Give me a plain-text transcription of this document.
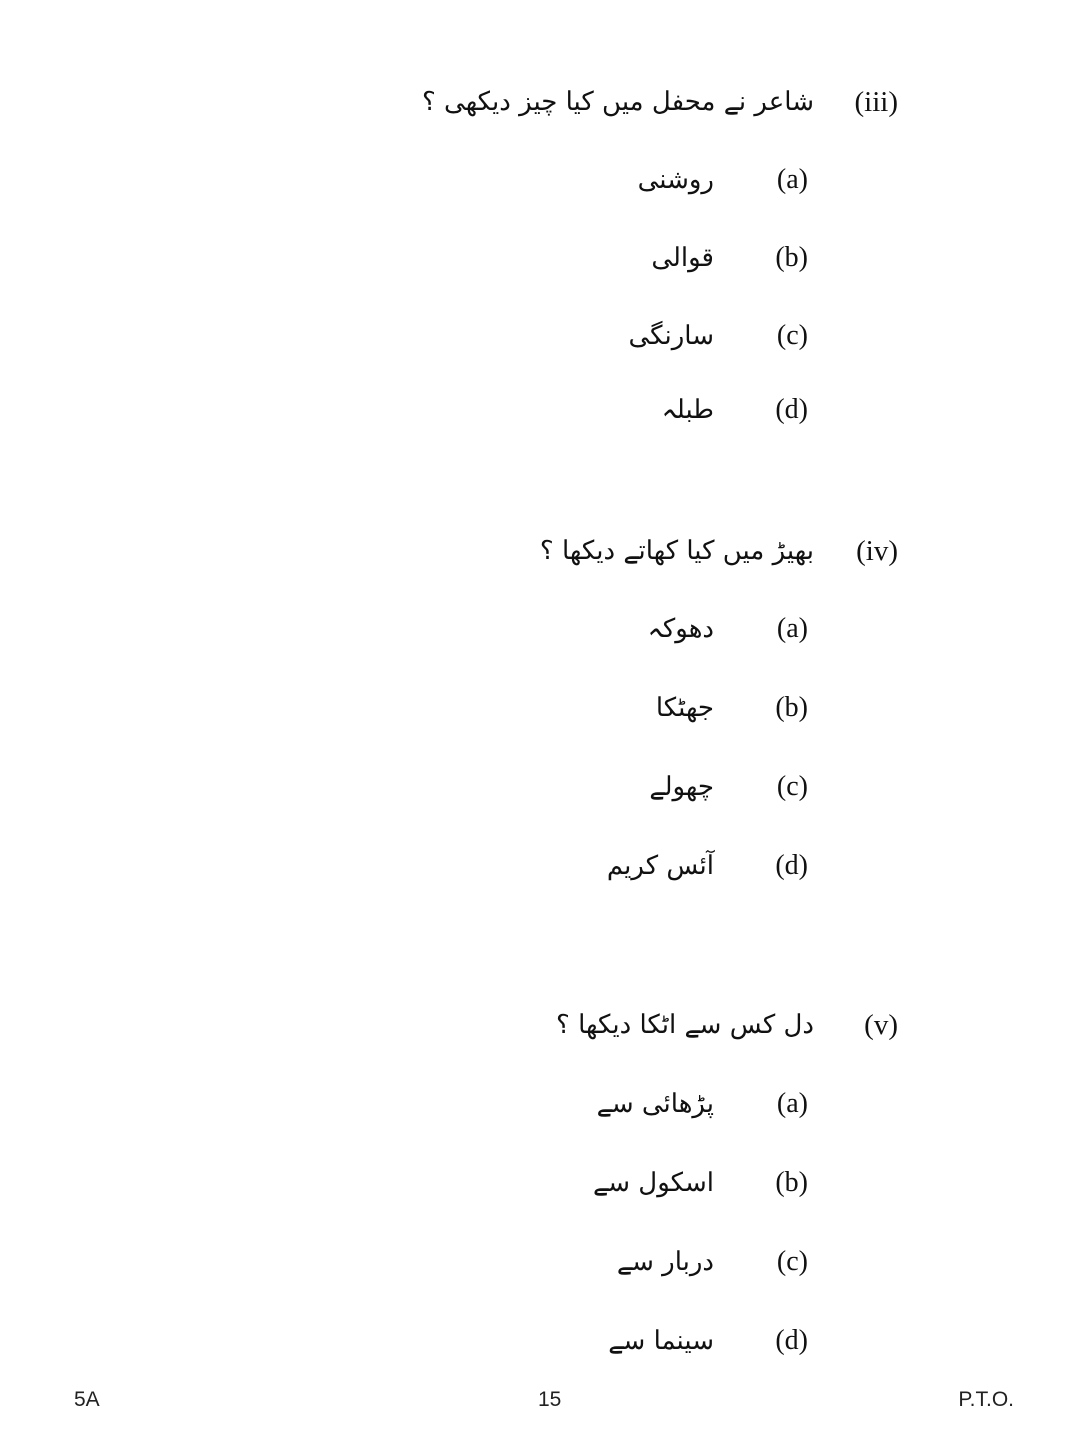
(iii)
شاعر نے محفل میں کیا چیز دیکھی ؟
(a)
روشنی
(b)
قوالی
(c)
سارنگی
(d)
طبلہ
(iv)
بھیڑ میں کیا کھاتے دیکھا ؟
(a)
دھوکہ
(b)
جھٹکا
(c)
چھولے
(d)
آئس کریم
(v)
دل کس سے اٹکا دیکھا ؟
(a)
پڑھائی سے
(b)
اسکول سے
(c)
دربار سے
(d)
سینما سے
5A	15	P.T.O.
